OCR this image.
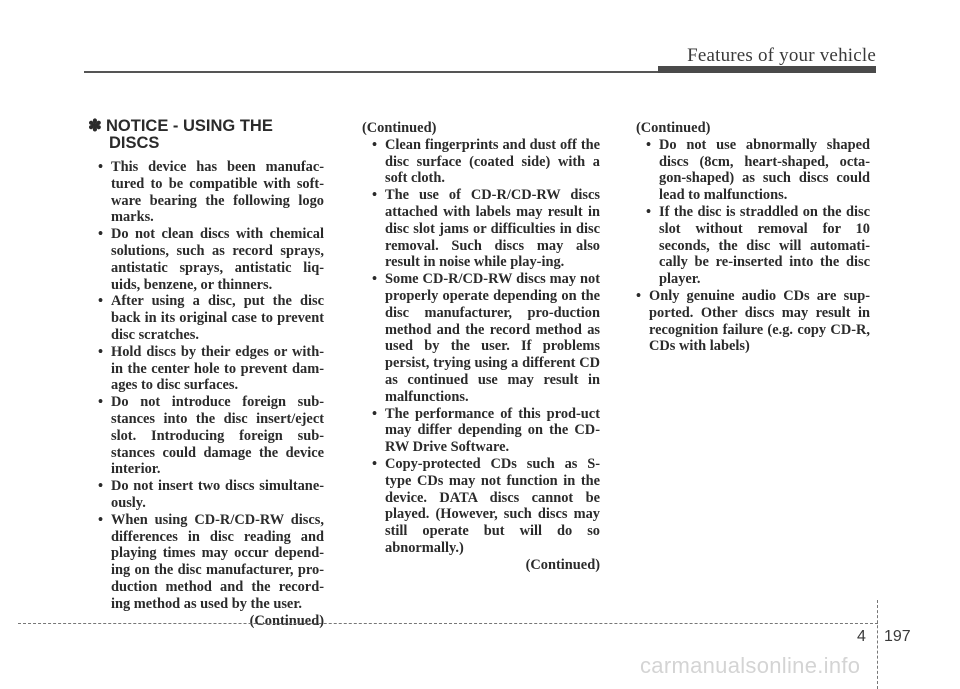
Features of your vehicle
✽ NOTICE - USING THE
DISCS
• This device has been manufac-tured to be compatible with soft-ware bearing the following logo marks.
• Do not clean discs with chemical solutions, such as record sprays, antistatic sprays, antistatic liq-uids, benzene, or thinners.
• After using a disc, put the disc back in its original case to prevent disc scratches.
• Hold discs by their edges or with-in the center hole to prevent dam-ages to disc surfaces.
• Do not introduce foreign sub-stances into the disc insert/eject slot. Introducing foreign sub-stances could damage the device interior.
• Do not insert two discs simultane-ously.
• When using CD-R/CD-RW discs, differences in disc reading and playing times may occur depend-ing on the disc manufacturer, pro-duction method and the record-ing method as used by the user.
(Continued)
(Continued)
• Clean fingerprints and dust off the disc surface (coated side) with a soft cloth.
• The use of CD-R/CD-RW discs attached with labels may result in disc slot jams or difficulties in disc removal. Such discs may also result in noise while play-ing.
• Some CD-R/CD-RW discs may not properly operate depending on the disc manufacturer, pro-duction method and the record method as used by the user. If problems persist, trying using a different CD as continued use may result in malfunctions.
• The performance of this prod-uct may differ depending on the CD-RW Drive Software.
• Copy-protected CDs such as S-type CDs may not function in the device. DATA discs cannot be played. (However, such discs may still operate but will do so abnormally.)
(Continued)
(Continued)
• Do not use abnormally shaped discs (8cm, heart-shaped, octa-gon-shaped) as such discs could lead to malfunctions.
• If the disc is straddled on the disc slot without removal for 10 seconds, the disc will automati-cally be re-inserted into the disc player.
• Only genuine audio CDs are sup-ported. Other discs may result in recognition failure (e.g. copy CD-R, CDs with labels)
4 197
carmanualsonline.info
